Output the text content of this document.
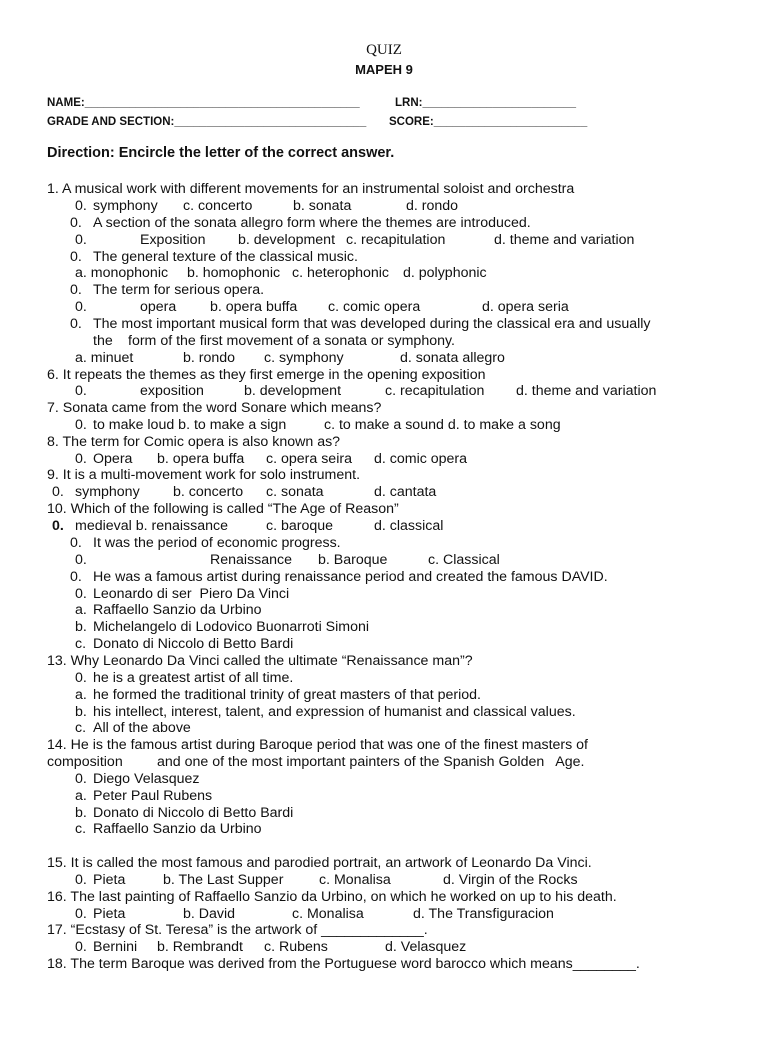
QUIZ
MAPEH 9
NAME:___________________________________________	LRN:________________________
GRADE AND SECTION:______________________________ SCORE:________________________
Direction: Encircle the letter of the correct answer.

1. A musical work with different movements for an instrumental soloist and orchestra

0.

symphony

c. concerto

	b. sonata

	d. rondo

0.

A section of the sonata allegro form where the themes are introduced.

0.

	Exposition

b. development

c. recapitulation

	d. theme and variation

0.

The general texture of the classical music.

a. monophonic

b. homophonic

c. heterophonic

d. polyphonic

0.

The term for serious opera.

0.

	opera

b. opera buffa

c. comic opera

	d. opera seria

0.

The most important musical form that was developed during the classical era and usually

the

form of the first movement of a sonata or symphony.

a. minuet

	b. rondo

c. symphony

	d. sonata allegro

6. It repeats the themes as they first emerge in the opening exposition

0.

	exposition

	b. development

	c. recapitulation

d. theme and variation

7. Sonata came from the word Sonare which means?

0.

to make loud b. to make a sign

	c. to make a sound d. to make a song

8. The term for Comic opera is also known as?

0.

Opera

b. opera buffa

c. opera seira

d. comic opera

9. It is a multi-movement work for solo instrument.

0.

symphony

b. concerto

c. sonata

	d. cantata

10. Which of the following is called “The Age of Reason”

0.

medieval b. renaissance

	c. baroque

	d. classical

0.

It was the period of economic progress.

0.

	Renaissance

b. Baroque

	c. Classical

0.

He was a famous artist during renaissance period and created the famous DAVID.

0.

Leonardo di ser  Piero Da Vinci

a.

Raffaello Sanzio da Urbino

b.

Michelangelo di Lodovico Buonarroti Simoni

c.

Donato di Niccolo di Betto Bardi

13. Why Leonardo Da Vinci called the ultimate “Renaissance man”?

0.

he is a greatest artist of all time.

a.

he formed the traditional trinity of great masters of that period.

b.

his intellect, interest, talent, and expression of humanist and classical values.

c.

All of the above

14. He is the famous artist during Baroque period that was one of the finest masters of

composition

and one of the most important painters of the Spanish Golden   Age.

0.

Diego Velasquez

a.

Peter Paul Rubens

b.

Donato di Niccolo di Betto Bardi

c.

Raffaello Sanzio da Urbino

15. It is called the most famous and parodied portrait, an artwork of Leonardo Da Vinci.

0.

Pieta

	b. The Last Supper

	c. Monalisa

	d. Virgin of the Rocks

16. The last painting of Raffaello Sanzio da Urbino, on which he worked on up to his death.

0.

Pieta

	b. David

	c. Monalisa

	d. The Transfiguracion

17. “Ecstasy of St. Teresa” is the artwork of _____________.

0.

Bernini

b. Rembrandt

c. Rubens

	d. Velasquez

18. The term Baroque was derived from the Portuguese word barocco which means________.
